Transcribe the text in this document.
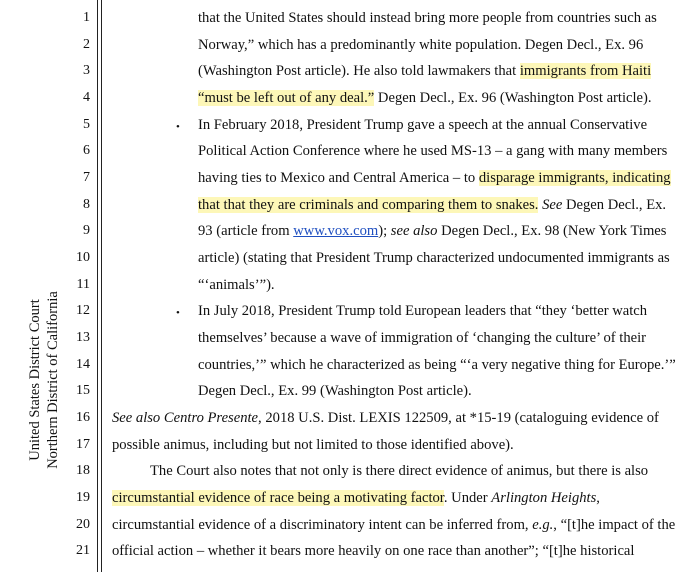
United States District Court Northern District of California
1
2
3
4
5
6
7
8
9
10
11
12
13
14
15
16
17
18
19
20
21
•
•
that the United States should instead bring more people from countries such as
Norway,” which has a predominantly white population. Degen Decl., Ex. 96
(Washington Post article). He also told lawmakers that immigrants from Haiti
“must be left out of any deal.” Degen Decl., Ex. 96 (Washington Post article).
In February 2018, President Trump gave a speech at the annual Conservative
Political Action Conference where he used MS-13 – a gang with many members
having ties to Mexico and Central America – to disparage immigrants, indicating
that that they are criminals and comparing them to snakes. See Degen Decl., Ex.
93 (article from www.vox.com); see also Degen Decl., Ex. 98 (New York Times
article) (stating that President Trump characterized undocumented immigrants as
“‘animals’”).
In July 2018, President Trump told European leaders that “they ‘better watch
themselves’ because a wave of immigration of ‘changing the culture’ of their
countries,’” which he characterized as being “‘a very negative thing for Europe.’”
Degen Decl., Ex. 99 (Washington Post article).
See also Centro Presente, 2018 U.S. Dist. LEXIS 122509, at *15-19 (cataloguing evidence of
possible animus, including but not limited to those identified above).
The Court also notes that not only is there direct evidence of animus, but there is also
circumstantial evidence of race being a motivating factor. Under Arlington Heights,
circumstantial evidence of a discriminatory intent can be inferred from, e.g., “[t]he impact of the
official action – whether it bears more heavily on one race than another”; “[t]he historical
